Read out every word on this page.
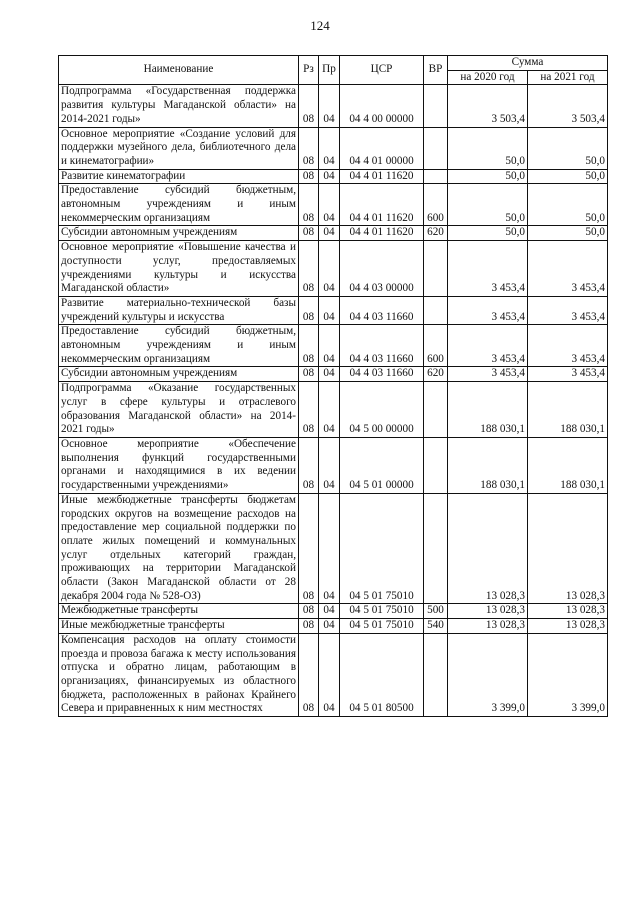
124
Наименование	Рз	Пр	ЦСР	ВР	Сумма	
					на 2020 год	на 2021 год
Подпрограмма «Государственная поддержка развития культуры Магаданской области» на 2014-2021 годы»	08	04	04 4 00 00000		3 503,4	3 503,4
Основное мероприятие «Создание условий для поддержки музейного дела, библиотечного дела и кинематографии»	08	04	04 4 01 00000		50,0	50,0
Развитие кинематографии	08	04	04 4 01 11620		50,0	50,0
Предоставление субсидий бюджетным, автономным учреждениям и иным некоммерческим организациям	08	04	04 4 01 11620	600	50,0	50,0
Субсидии автономным учреждениям	08	04	04 4 01 11620	620	50,0	50,0
Основное мероприятие «Повышение качества и доступности услуг, предоставляемых учреждениями культуры и искусства Магаданской области»	08	04	04 4 03 00000		3 453,4	3 453,4
Развитие материально-технической базы учреждений культуры и искусства	08	04	04 4 03 11660		3 453,4	3 453,4
Предоставление субсидий бюджетным, автономным учреждениям и иным некоммерческим организациям	08	04	04 4 03 11660	600	3 453,4	3 453,4
Субсидии автономным учреждениям	08	04	04 4 03 11660	620	3 453,4	3 453,4
Подпрограмма «Оказание государственных услуг в сфере культуры и отраслевого образования Магаданской области» на 2014-2021 годы»	08	04	04 5 00 00000		188 030,1	188 030,1
Основное мероприятие «Обеспечение выполнения функций государственными органами и находящимися в их ведении государственными учреждениями»	08	04	04 5 01 00000		188 030,1	188 030,1
Иные межбюджетные трансферты бюджетам городских округов на возмещение расходов на предоставление мер социальной поддержки по оплате жилых помещений и коммунальных услуг отдельных категорий граждан, проживающих на территории Магаданской области (Закон Магаданской области от 28 декабря 2004 года № 528-ОЗ)	08	04	04 5 01 75010		13 028,3	13 028,3
Межбюджетные трансферты	08	04	04 5 01 75010	500	13 028,3	13 028,3
Иные межбюджетные трансферты	08	04	04 5 01 75010	540	13 028,3	13 028,3
Компенсация расходов на оплату стоимости проезда и провоза багажа к месту использования отпуска и обратно лицам, работающим в организациях, финансируемых из областного бюджета, расположенных в районах Крайнего Севера и приравненных к ним местностях	08	04	04 5 01 80500		3 399,0	3 399,0
